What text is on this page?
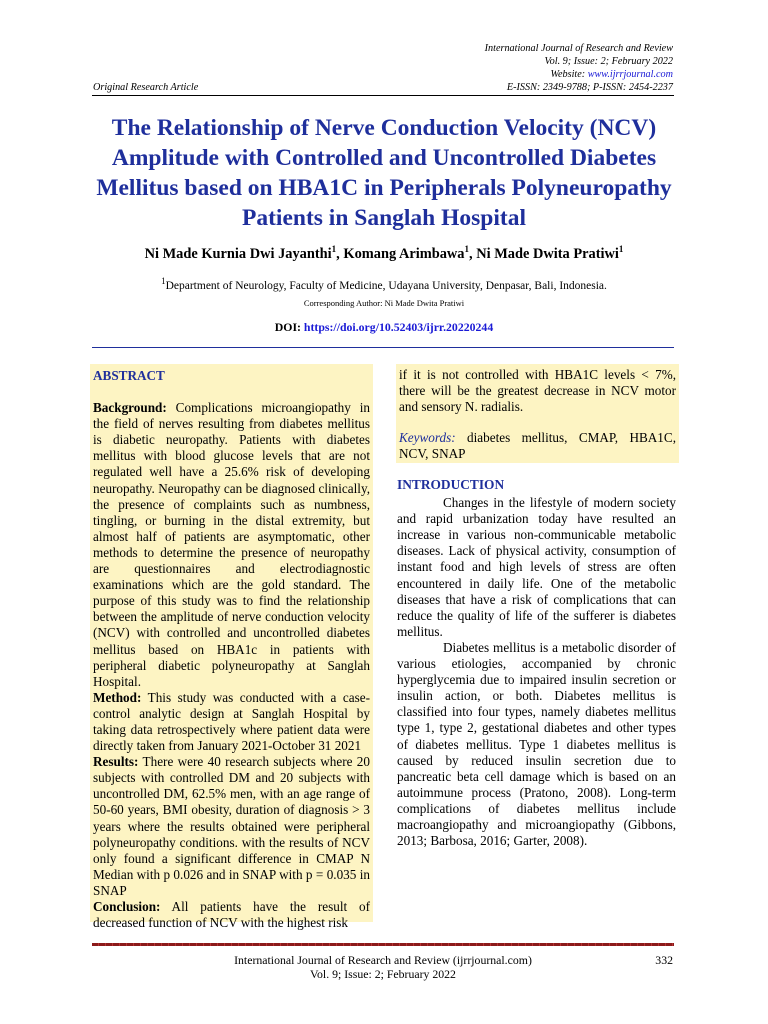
International Journal of Research and Review
Vol. 9; Issue: 2; February 2022
Website: www.ijrrjournal.com
E-ISSN: 2349-9788; P-ISSN: 2454-2237
Original Research Article
The Relationship of Nerve Conduction Velocity (NCV) Amplitude with Controlled and Uncontrolled Diabetes Mellitus based on HBA1C in Peripherals Polyneuropathy Patients in Sanglah Hospital
Ni Made Kurnia Dwi Jayanthi$^1$, Komang Arimbawa$^1$, Ni Made Dwita Pratiwi$^1$
$^1$Department of Neurology, Faculty of Medicine, Udayana University, Denpasar, Bali, Indonesia.
Corresponding Author: Ni Made Dwita Pratiwi
DOI: https://doi.org/10.52403/ijrr.20220244

ABSTRACT

Background: Complications microangiopathy in the field of nerves resulting from diabetes mellitus is diabetic neuropathy. Patients with diabetes mellitus with blood glucose levels that are not regulated well have a 25.6% risk of developing neuropathy. Neuropathy can be diagnosed clinically, the presence of complaints such as numbness, tingling, or burning in the distal extremity, but almost half of patients are asymptomatic, other methods to determine the presence of neuropathy are questionnaires and electrodiagnostic examinations which are the gold standard. The purpose of this study was to find the relationship between the amplitude of nerve conduction velocity (NCV) with controlled and uncontrolled diabetes mellitus based on HBA1c in patients with peripheral diabetic polyneuropathy at Sanglah Hospital.

Method: This study was conducted with a case-control analytic design at Sanglah Hospital by taking data retrospectively where patient data were directly taken from January 2021-October 31 2021

Results: There were 40 research subjects where 20 subjects with controlled DM and 20 subjects with uncontrolled DM, 62.5% men, with an age range of 50-60 years, BMI obesity, duration of diagnosis > 3 years where the results obtained were peripheral polyneuropathy conditions. with the results of NCV only found a significant difference in CMAP N Median with p 0.026 and in SNAP with p = 0.035 in SNAP

Conclusion: All patients have the result of decreased function of NCV with the highest risk

if it is not controlled with HBA1C levels < 7%, there will be the greatest decrease in NCV motor and sensory N. radialis.

Keywords: diabetes mellitus, CMAP, HBA1C, NCV, SNAP

INTRODUCTION

Changes in the lifestyle of modern society and rapid urbanization today have resulted an increase in various non-communicable metabolic diseases. Lack of physical activity, consumption of instant food and high levels of stress are often encountered in daily life. One of the metabolic diseases that have a risk of complications that can reduce the quality of life of the sufferer is diabetes mellitus.

Diabetes mellitus is a metabolic disorder of various etiologies, accompanied by chronic hyperglycemia due to impaired insulin secretion or insulin action, or both. Diabetes mellitus is classified into four types, namely diabetes mellitus type 1, type 2, gestational diabetes and other types of diabetes mellitus. Type 1 diabetes mellitus is caused by reduced insulin secretion due to pancreatic beta cell damage which is based on an autoimmune process (Pratono, 2008). Long-term complications of diabetes mellitus include macroangiopathy and microangiopathy (Gibbons, 2013; Barbosa, 2016; Garter, 2008).

International Journal of Research and Review (ijrrjournal.com)
Vol. 9; Issue: 2; February 2022
332
